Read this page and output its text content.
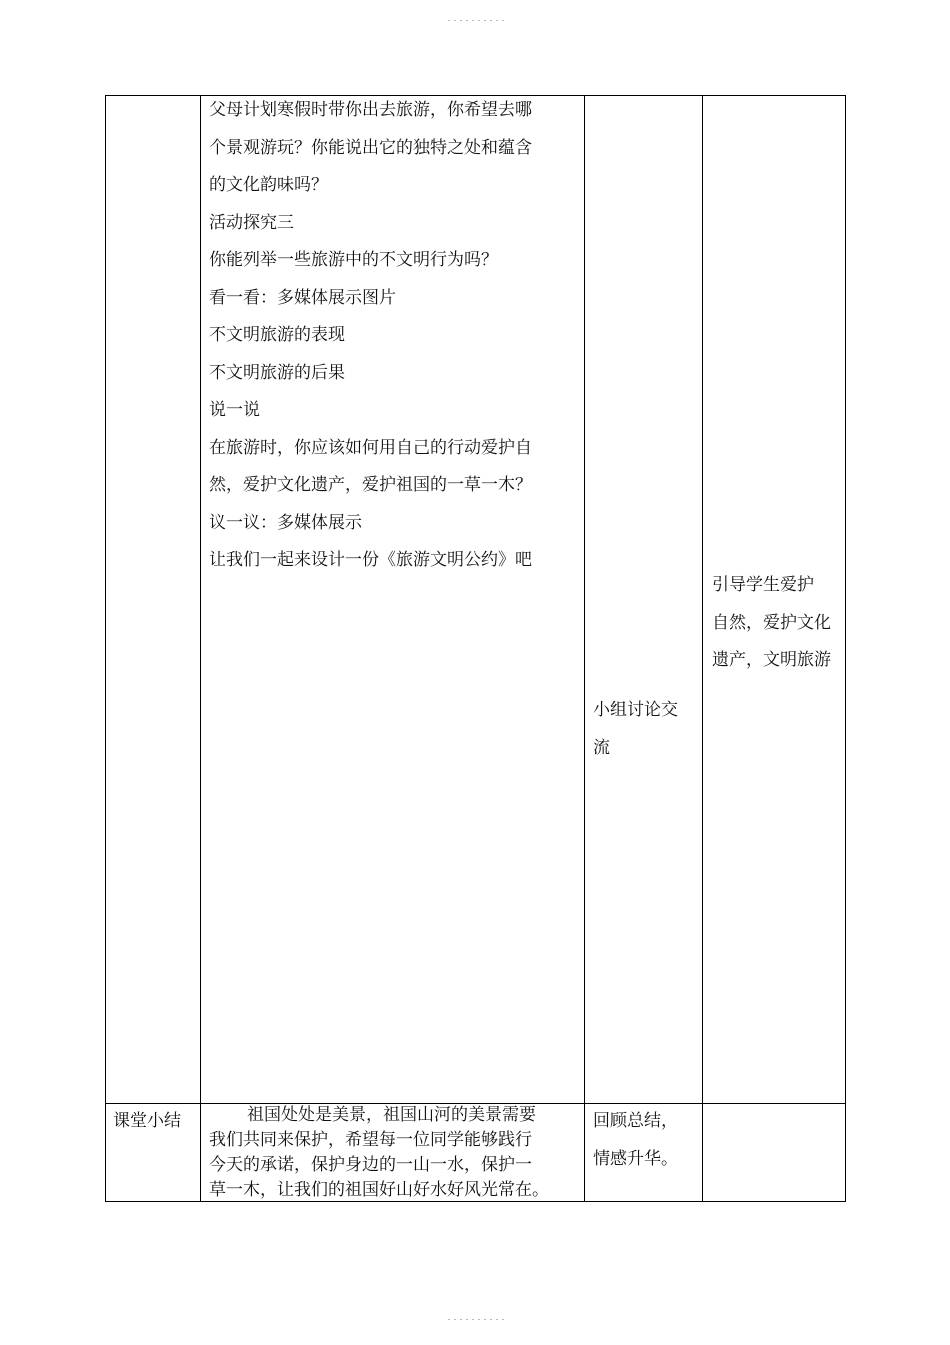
父母计划寒假时带你出去旅游，你希望去哪
个景观游玩？你能说出它的独特之处和蕴含
的文化韵味吗？
活动探究三
你能列举一些旅游中的不文明行为吗？
看一看：多媒体展示图片
不文明旅游的表现
不文明旅游的后果
说一说
在旅游时，你应该如何用自己的行动爱护自
然，爱护文化遗产，爱护祖国的一草一木？
议一议：多媒体展示
让我们一起来设计一份《旅游文明公约》吧
小组讨论交
流
引导学生爱护
自然，爱护文化
遗产，文明旅游
课堂小结	祖国处处是美景，祖国山河的美景需要
我们共同来保护，希望每一位同学能够践行
今天的承诺，保护身边的一山一水，保护一
草一木，让我们的祖国好山好水好风光常在。
回顾总结，
情感升华。
